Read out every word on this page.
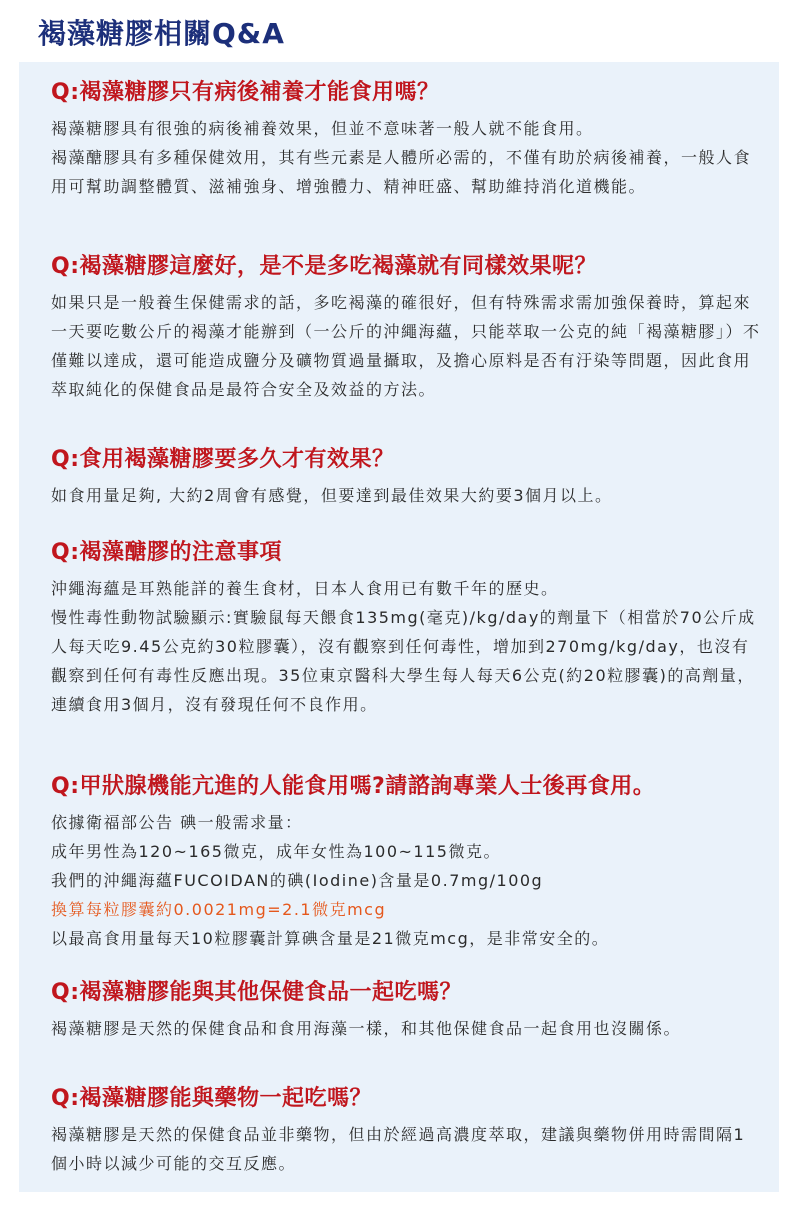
褐藻糖膠相關Q&A
Q:褐藻糖膠只有病後補養才能食用嗎？

褐藻糖膠具有很強的病後補養效果，但並不意味著一般人就不能食用。

褐藻醣膠具有多種保健效用，其有些元素是人體所必需的，不僅有助於病後補養，一般人食用可幫助調整體質、滋補強身、增強體力、精神旺盛、幫助維持消化道機能。

Q:褐藻糖膠這麼好，是不是多吃褐藻就有同樣效果呢？

如果只是一般養生保健需求的話，多吃褐藻的確很好，但有特殊需求需加強保養時，算起來一天要吃數公斤的褐藻才能辦到（一公斤的沖繩海蘊，只能萃取一公克的純「褐藻糖膠」）不僅難以達成，還可能造成鹽分及礦物質過量攝取，及擔心原料是否有汙染等問題，因此食用萃取純化的保健食品是最符合安全及效益的方法。

Q:食用褐藻糖膠要多久才有效果？

如食用量足夠, 大約2周會有感覺，但要達到最佳效果大約要3個月以上。

Q:褐藻醣膠的注意事項

沖繩海蘊是耳熟能詳的養生食材，日本人食用已有數千年的歷史。

慢性毒性動物試驗顯示:實驗鼠每天餵食135mg(毫克)/kg/day的劑量下（相當於70公斤成人每天吃9.45公克約30粒膠囊），沒有觀察到任何毒性，增加到270mg/kg/day，也沒有觀察到任何有毒性反應出現。35位東京醫科大學生每人每天6公克(約20粒膠囊)的高劑量，連續食用3個月，沒有發現任何不良作用。

Q:甲狀腺機能亢進的人能食用嗎?請諮詢專業人士後再食用。

依據衛福部公告 碘一般需求量：

成年男性為120~165微克，成年女性為100~115微克。

我們的沖繩海蘊FUCOIDAN的碘(Iodine)含量是0.7mg/100g

換算每粒膠囊約0.0021mg=2.1微克mcg

以最高食用量每天10粒膠囊計算碘含量是21微克mcg，是非常安全的。

Q:褐藻糖膠能與其他保健食品一起吃嗎？

褐藻糖膠是天然的保健食品和食用海藻一樣，和其他保健食品一起食用也沒關係。

Q:褐藻糖膠能與藥物一起吃嗎？

褐藻糖膠是天然的保健食品並非藥物，但由於經過高濃度萃取，建議與藥物併用時需間隔1個小時以減少可能的交互反應。
